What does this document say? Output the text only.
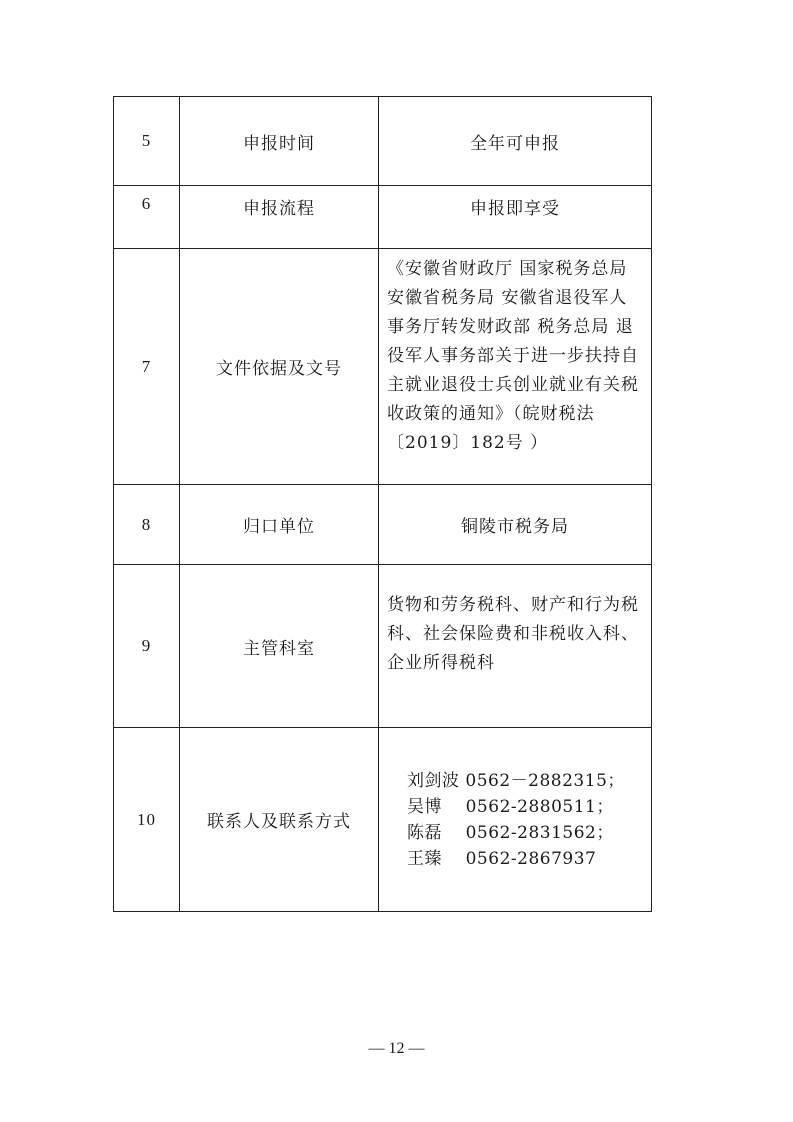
5	申报时间	全年可申报
6	申报流程	申报即享受
7	文件依据及文号	《安徽省财政厅 国家税务总局安徽省税务局 安徽省退役军人事务厅转发财政部 税务总局 退役军人事务部关于进一步扶持自主就业退役士兵创业就业有关税收政策的通知》（皖财税法〔2019〕182号 ）
8	归口单位	铜陵市税务局
9	主管科室	货物和劳务税科、财产和行为税科、社会保险费和非税收入科、企业所得税科
10	联系人及联系方式	刘剑波 0562－2882315；
吴博    0562-2880511；
陈磊    0562-2831562；
王臻    0562-2867937
— 12 —
